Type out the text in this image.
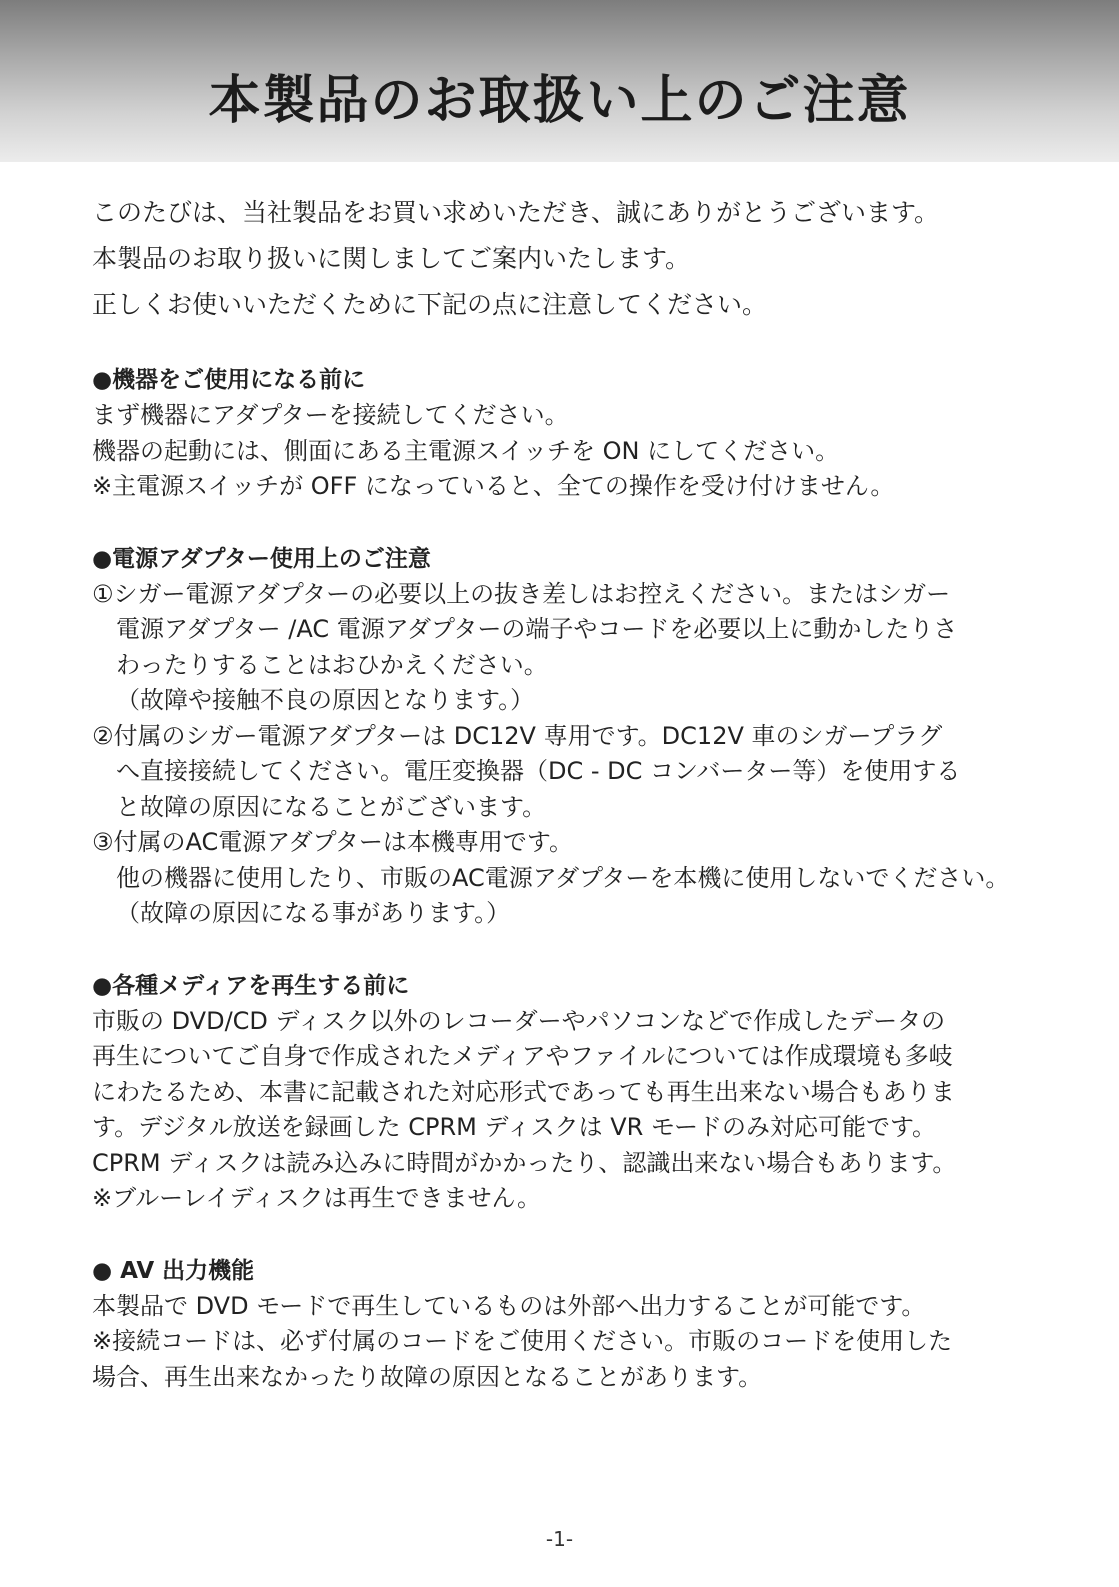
本製品のお取扱い上のご注意
このたびは、当社製品をお買い求めいただき、誠にありがとうございます。
本製品のお取り扱いに関しましてご案内いたします。
正しくお使いいただくために下記の点に注意してください。
●機器をご使用になる前に
まず機器にアダプターを接続してください。
機器の起動には、側面にある主電源スイッチを ON にしてください。
※主電源スイッチが OFF になっていると、全ての操作を受け付けません。
●電源アダプター使用上のご注意
①シガー電源アダプターの必要以上の抜き差しはお控えください。またはシガー
電源アダプター /AC 電源アダプターの端子やコードを必要以上に動かしたりさ
わったりすることはおひかえください。
（故障や接触不良の原因となります。）
②付属のシガー電源アダプターは DC12V 専用です。DC12V 車のシガープラグ
へ直接接続してください。電圧変換器（DC - DC コンバーター等）を使用する
と故障の原因になることがございます。
③付属のAC電源アダプターは本機専用です。
他の機器に使用したり、市販のAC電源アダプターを本機に使用しないでください。
（故障の原因になる事があります。）
●各種メディアを再生する前に
市販の DVD/CD ディスク以外のレコーダーやパソコンなどで作成したデータの
再生についてご自身で作成されたメディアやファイルについては作成環境も多岐
にわたるため、本書に記載された対応形式であっても再生出来ない場合もありま
す。デジタル放送を録画した CPRM ディスクは VR モードのみ対応可能です。
CPRM ディスクは読み込みに時間がかかったり、認識出来ない場合もあります。
※ブルーレイディスクは再生できません。
● AV 出力機能
本製品で DVD モードで再生しているものは外部へ出力することが可能です。
※接続コードは、必ず付属のコードをご使用ください。市販のコードを使用した
場合、再生出来なかったり故障の原因となることがあります。
-1-
